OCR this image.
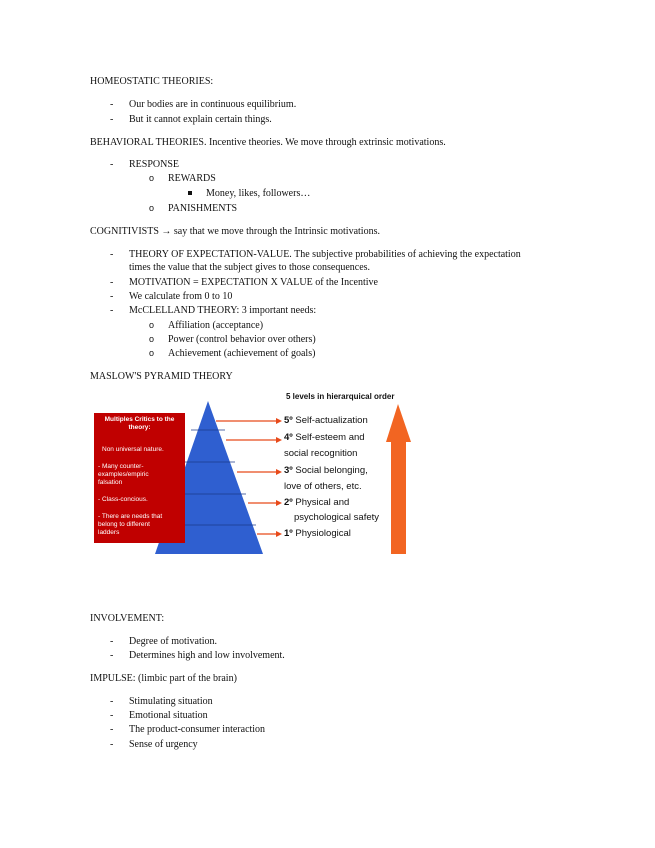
HOMEOSTATIC THEORIES:
- Our bodies are in continuous equilibrium.
- But it cannot explain certain things.
BEHAVIORAL THEORIES. Incentive theories. We move through extrinsic motivations.
- RESPONSE
o REWARDS
Money, likes, followers…
o PANISHMENTS
COGNITIVISTS → say that we move through the Intrinsic motivations.
- THEORY OF EXPECTATION-VALUE. The subjective probabilities of achieving the expectation
times the value that the subject gives to those consequences.
- MOTIVATION = EXPECTATION X VALUE of the Incentive
- We calculate from 0 to 10
- McCLELLAND THEORY: 3 important needs:
o Affiliation (acceptance)
o Power (control behavior over others)
o Achievement (achievement of goals)
MASLOW'S PYRAMID THEORY
5 levels in hierarquical order
Multiples Critics to the
theory:
Non universal nature.
- Many counter-
examples/empiric
falsation
- Class-concious.
- There are needs that
belong to different
ladders
5º Self-actualization
4º Self-esteem and
social recognition
3º Social belonging,
love of others, etc.
2º Physical and
psychological safety
1º Physiological
INVOLVEMENT:
- Degree of motivation.
- Determines high and low involvement.
IMPULSE: (limbic part of the brain)
- Stimulating situation
- Emotional situation
- The product-consumer interaction
- Sense of urgency
